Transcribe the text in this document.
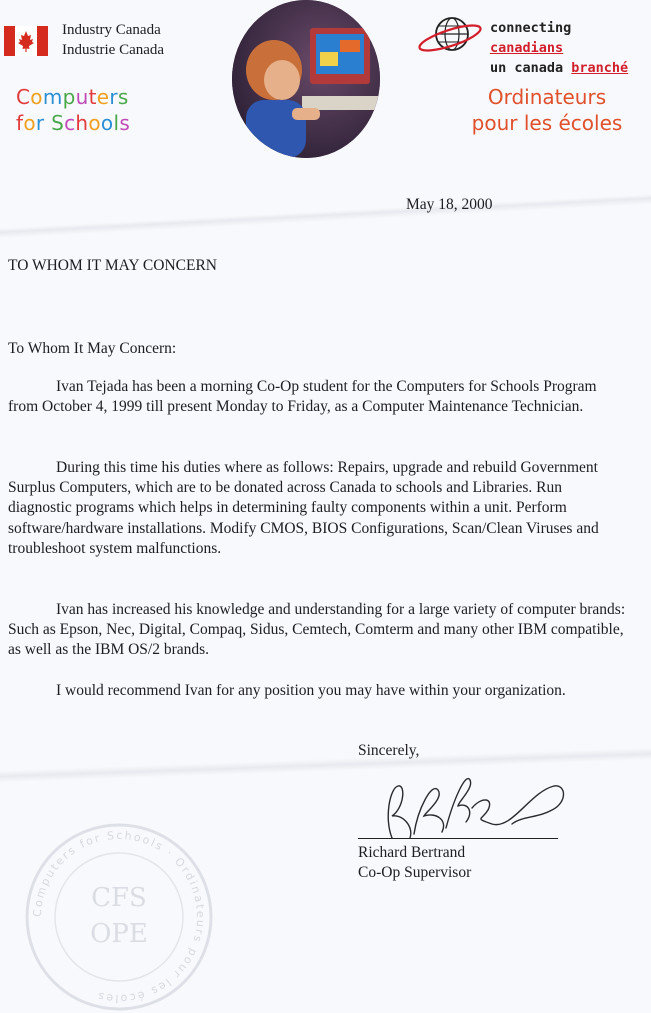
Industry Canada
Industrie Canada
Computers
for Schools
connecting canadians
un canada branché
Ordinateurs
pour les écoles
May 18, 2000
TO WHOM IT MAY CONCERN
To Whom It May Concern:

Ivan Tejada has been a morning Co-Op student for the Computers for Schools Program from October 4, 1999 till present Monday to Friday, as a Computer Maintenance Technician.

During this time his duties where as follows: Repairs, upgrade and rebuild Government Surplus Computers, which are to be donated across Canada to schools and Libraries. Run diagnostic programs which helps in determining faulty components within a unit. Perform software/hardware installations. Modify CMOS, BIOS Configurations, Scan/Clean Viruses and troubleshoot system malfunctions.

Ivan has increased his knowledge and understanding for a large variety of computer brands: Such as Epson, Nec, Digital, Compaq, Sidus, Cemtech, Comterm and many other IBM compatible, as well as the IBM OS/2 brands.

I would recommend Ivan for any position you may have within your organization.

Sincerely,
Richard Bertrand
Co-Op Supervisor
Computers for Schools · Ordinateurs pour les écoles
CFS
OPE
